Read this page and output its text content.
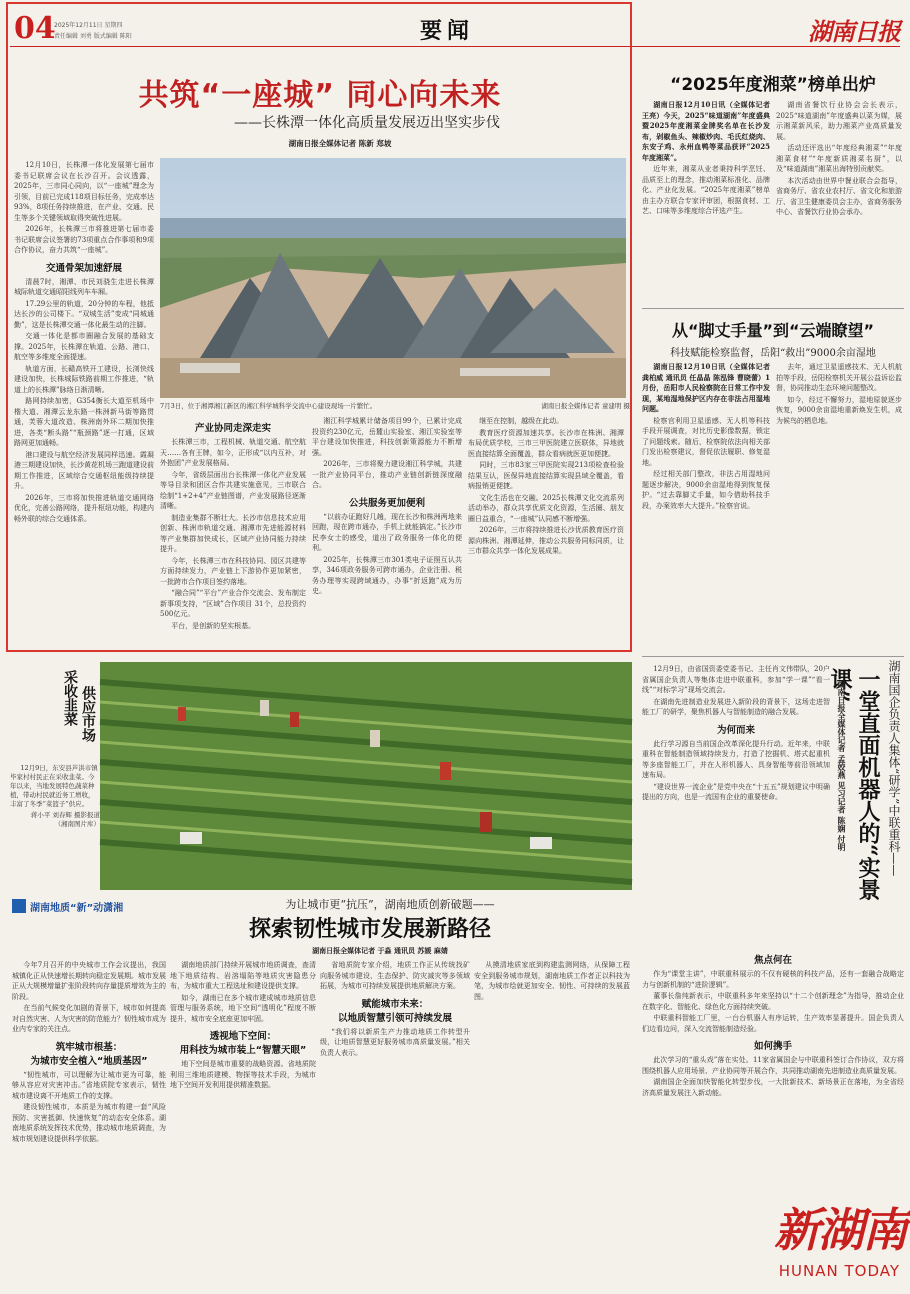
04
2025年12月11日 星期四
责任编辑 刘勇 版式编辑 陈阳	要闻	湖南日报
共筑“一座城” 同心向未来
——长株潭一体化高质量发展迈出坚实步伐
湖南日报全媒体记者 陈新 郑坡

12月10日，长株潭一体化发展第七届市委书记联席会议在长沙召开。会议透露，2025年，三市同心同向，以“一座城”理念为引领，目前已完成118项目标任务，完成率达93%，8项任务持续推进，在产业、交通、民生等多个关键领域取得突破性进展。

2026年，长株潭三市将推进第七届市委书记联席会议签署的73项重点合作事项和9项合作协议，奋力共筑“一座城”。

交通骨架加速舒展

清晨7时，湘潭、市民刘骁生走进长株潭城际轨道交通昭阳线列车车厢。

17.29公里的轨道，20分钟的车程，他抵达长沙的公司楼下。“双城生活”变成“同城通勤”，这是长株潭交通一体化最生动的注脚。

交通一体化是都市圈融合发展的基础支撑。2025年，长株潭在轨道、公路、港口、航空等多维度全面提速。

轨道方面，长赣高铁开工建设，长浏快线建设加快，长株城际铁路前期工作推进，“轨道上的长株潭”脉络日渐清晰。

路网持续加密，G354衡长大道至机场中楷大道、湘潭云龙东路一株洲新马街等路贯通，芙蓉大道改造、株洲南外环二期加快推进，各类“断头路”“瓶颈路”逐一打通，区域路网更加通畅。

港口建设与航空经济发展同样迅速。霞凝港三期建设加快，长沙黄花机场三跑道建设前期工作推进，区域综合交通枢纽能级持续提升。

2026年，三市将加快推进轨道交通网络优化，完善公路网络，提升枢纽功能，构建内畅外联的综合交通体系。

7月3日，位于湘潭湘江新区的湘江科学城科学交流中心建设现场一片繁忙。	湖南日报全媒体记者 童建明 摄
产业协同走深走实

长株潭三市，工程机械、轨道交通、航空航天……各有王牌，如今，正形成“以内互补，对外抱团”产业发展格局。

今年，省级层面出台长株潭一体化产业发展等导目录和团区合作共建实施意见，三市联合绘制“1+2+4”产业链图谱，产业发展路径逐渐清晰。

制造业集群不断壮大。长沙市信息技术应用创新、株洲市轨道交通、湘潭市先进能源材料等产业集群加快成长，区域产业协同能力持续提升。

今年，长株潭三市在科技协同、园区共建等方面持续发力，产业链上下游协作更加紧密，一批跨市合作项目签约落地。

“融合同”“平台”产业合作交流会、发布制定新事项支持，“区域”合作项目 31个，总投资约500亿元。

平台，是创新的坚实根基。

湘江科学城累计储备项目99个，已累计完成投资约230亿元，岳麓山实验室、湘江实验室等平台建设加快推进，科技创新策源能力不断增强。

2026年，三市将聚力建设湘江科学城，共建一批产业协同平台，推动产业链创新链深度融合。

公共服务更加便利

“以前办证跑好几趟，现在长沙和株洲两地来回跑，现在跨市通办，手机上就能搞定。”长沙市民李女士的感受，道出了政务服务一体化的便利。

2025年，长株潭三市301类电子证照互认共享，346项政务服务可跨市通办，企业注册、税务办理等实现跨域通办，办事“折返跑”成为历史。

继至在控制，越级在此动。

教育医疗资源加速共享。长沙市在株洲、湘潭布局优质学校，三市三甲医院建立医联体，异地就医直接结算全面覆盖，群众看病就医更加便捷。

同时，三市83家三甲医院实现213项检查检验结果互认，医保异地直接结算实现县域全覆盖，看病报销更便捷。

文化生活也在交融。2025长株潭文化交流系列活动举办，群众共享优质文化资源，生活圈、朋友圈日益重合，“一座城”认同感不断增强。

2026年，三市将持续推进长沙优质教育医疗资源向株洲、湘潭延伸，推动公共服务同标同质，让三市群众共享一体化发展成果。

“2025年度湘菜”榜单出炉

湖南日报12月10日讯（全媒体记者 王亮）今天，2025“味道湖南”年度盛典暨2025年度湘菜金牌奖名单在长沙发布，剁椒鱼头、辣椒炒肉、毛氏红烧肉、东安子鸡、永州血鸭等菜品获评“2025年度湘菜”。

近年来，湘菜从业者秉持科学烹饪、品质至上的理念，推动湘菜标准化、品牌化、产业化发展。“2025年度湘菜”榜单由主办方联合专家评审团，根据食材、工艺、口味等多维度综合评选产生。

湖南省餐饮行业协会会长表示，2025“味道湖南”年度盛典以菜为媒，展示湘菜新风采，助力湘菜产业高质量发展。

活动还评选出“年度经典湘菜”“年度湘菜食材”“年度新质湘菜名厨”，以及“味道湖南”湘菜出海特别贡献奖。

本次活动由世界中餐业联合会指导，省商务厅、省农业农村厅、省文化和旅游厅、省卫生健康委员会主办，省商务服务中心、省餐饮行业协会承办。

从“脚丈手量”到“云端瞭望”
科技赋能检察监督，岳阳“救出”9000余亩湿地

湖南日报12月10日讯（全媒体记者 龚柏威 通讯员 任晶晶 陈泓锋 曹晓蕾）1月份，岳阳市人民检察院在日常工作中发现，某地湿地保护区内存在非法占用湿地问题。

检察官利用卫星遥感、无人机等科技手段开展调查，对比历史影像数据，锁定了问题线索。随后，检察院依法向相关部门发出检察建议，督促依法履职、修复湿地。

经过相关部门整改，非法占用湿地问题逐步解决，9000余亩湿地得到恢复保护。“过去靠脚丈手量，如今借助科技手段，办案效率大大提升。”检察官说。

去年，通过卫星遥感技术、无人机航拍等手段，岳阳检察机关开展公益诉讼监督，协同推动生态环境问题整改。

如今，经过不懈努力，湿地原貌逐步恢复，9000余亩湿地重新焕发生机，成为候鸟的栖息地。

采收韭菜 供应市场

12月9日，东安县芦洪市镇毕家村村民正在采收韭菜。今年以来，当地发展特色蔬菜种植，带动村民就近务工增收，丰富了冬季“菜篮子”供应。

蒋小平 刘春辉 摄影报道

（湘南图片库）

湖南地质“新”动潇湘	为让城市更“抗压”，湖南地质创新破题——
探索韧性城市发展新路径
湖南日报全媒体记者 于淼 通讯员 苏媛 麻婧

今年7月召开的中央城市工作会议提出，我国城镇化正从快速增长期转向稳定发展期。城市发展正从大规模增量扩张阶段转向存量提质增效为主的阶段。

在当前气候变化加剧的背景下，城市如何提高对自然灾害、人为灾害的防范能力？韧性城市成为业内专家的关注点。

筑牢城市根基：
为城市安全植入“地质基因”

“韧性城市，可以理解为让城市更为可靠，能够从容应对灾害冲击。”省地质院专家表示，韧性城市建设离不开地质工作的支撑。

建设韧性城市，本质是为城市构建一套“风险预防、灾害抵御、快速恢复”的动态安全体系。湖南地质系统发挥技术优势，推动城市地质调查，为城市规划建设提供科学依据。

湖南地质部门持续开展城市地质调查，查清地下地质结构、岩溶塌陷等地质灾害隐患分布，为城市重大工程选址和建设提供支撑。

如今，湖南已在多个城市建成城市地质信息管理与服务系统，地下空间“透明化”程度不断提升，城市安全底座更加牢固。

透视地下空间：
用科技为城市装上“智慧天眼”

地下空间是城市重要的战略资源。省地质院利用三维地质建模、物探等技术手段，为城市地下空间开发利用提供精准数据。

省地质院专家介绍，地质工作正从传统找矿向服务城市建设、生态保护、防灾减灾等多领域拓展，为城市可持续发展提供地质解决方案。

赋能城市未来：
以地质智慧引领可持续发展

“我们将以新质生产力推动地质工作转型升级，让地质智慧更好服务城市高质量发展。”相关负责人表示。

从摸清地质家底到构建监测网络，从保障工程安全到服务城市规划，湖南地质工作者正以科技为笔，为城市绘就更加安全、韧性、可持续的发展蓝图。

湖南国企负责人集体“研学”中联重科——
一堂直面机器人的“实景课”
湖南日报全媒体记者 孟姣燕 见习记者 陈娴 付明

12月9日，由省国资委党委书记、主任肖文伟带队，20户省属国企负责人等集体走进中联重科，参加“学一课”“看一线”“对标学习”现场交流会。

在湖南先进制造业发展进入新阶段的背景下，这场走进智能工厂的研学，聚焦机器人与智能制造的融合发展。

为何而来

此行学习源自当前国企改革深化提升行动。近年来，中联重科在智能制造领域持续发力，打造了挖掘机、塔式起重机等多座智能工厂，并在人形机器人、具身智能等前沿领域加速布局。

“建设世界一流企业”是党中央在“十五五”规划建议中明确提出的方向，也是一流国有企业的重要使命。

焦点何在

作为“课堂主讲”，中联重科展示的不仅有硬核的科技产品，还有一套融合战略定力与创新机制的“进阶逻辑”。

董事长詹纯新表示，中联重科多年来坚持以“十二个创新理念”为指导，推动企业在数字化、智能化、绿色化方面持续突破。

中联重科智能工厂里，一台台机器人有序运转，生产效率显著提升。国企负责人们边看边问，深入交流智能制造经验。

如何携手

此次学习的“重头戏”落在实处。11家省属国企与中联重科签订合作协议，双方将围绕机器人应用场景、产业协同等开展合作，共同推动湖南先进制造业高质量发展。

湖南国企全面加快智能化转型步伐，一大批新技术、新场景正在落地，为全省经济高质量发展注入新动能。

新湖南
HUNAN TODAY
